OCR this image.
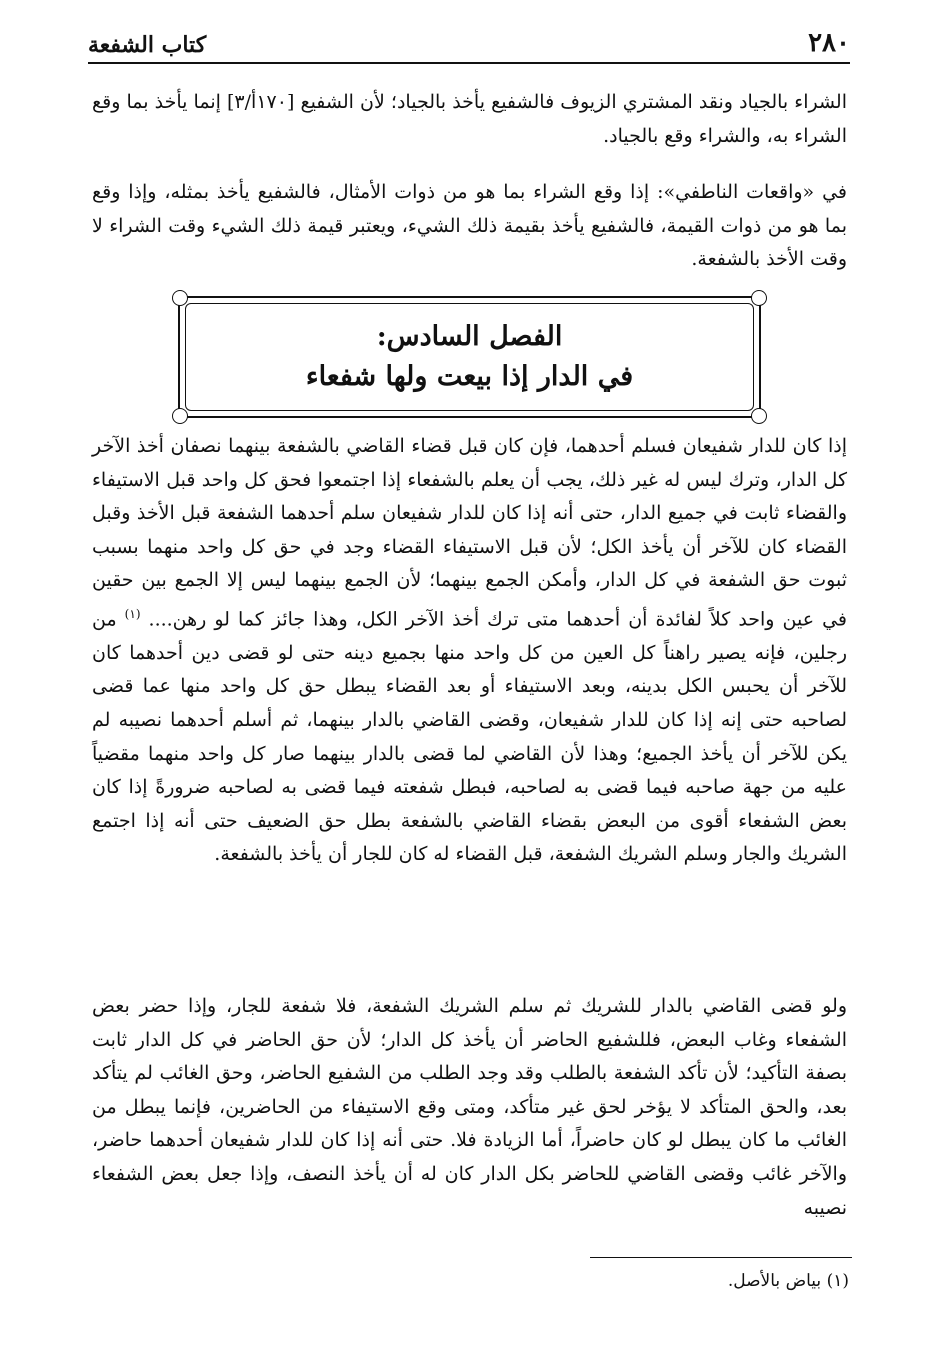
٢٨٠
كتاب الشفعة

الشراء بالجياد ونقد المشتري الزيوف فالشفيع يأخذ بالجياد؛ لأن الشفيع [١٧٠أ/٣] إنما يأخذ بما وقع الشراء به، والشراء وقع بالجياد.

في «واقعات الناطفي»: إذا وقع الشراء بما هو من ذوات الأمثال، فالشفيع يأخذ بمثله، وإذا وقع بما هو من ذوات القيمة، فالشفيع يأخذ بقيمة ذلك الشيء، ويعتبر قيمة ذلك الشيء وقت الشراء لا وقت الأخذ بالشفعة.

الفصل السادس:
في الدار إذا بيعت ولها شفعاء

إذا كان للدار شفيعان فسلم أحدهما، فإن كان قبل قضاء القاضي بالشفعة بينهما نصفان أخذ الآخر كل الدار، وترك ليس له غير ذلك، يجب أن يعلم بالشفعاء إذا اجتمعوا فحق كل واحد قبل الاستيفاء والقضاء ثابت في جميع الدار، حتى أنه إذا كان للدار شفيعان سلم أحدهما الشفعة قبل الأخذ وقبل القضاء كان للآخر أن يأخذ الكل؛ لأن قبل الاستيفاء القضاء وجد في حق كل واحد منهما بسبب ثبوت حق الشفعة في كل الدار، وأمكن الجمع بينهما؛ لأن الجمع بينهما ليس إلا الجمع بين حقين في عين واحد كلاً لفائدة أن أحدهما متى ترك أخذ الآخر الكل، وهذا جائز كما لو رهن.... $^{(١)}$ من رجلين، فإنه يصير راهناً كل العين من كل واحد منها بجميع دينه حتى لو قضى دين أحدهما كان للآخر أن يحبس الكل بدينه، وبعد الاستيفاء أو بعد القضاء يبطل حق كل واحد منها عما قضى لصاحبه حتى إنه إذا كان للدار شفيعان، وقضى القاضي بالدار بينهما، ثم أسلم أحدهما نصيبه لم يكن للآخر أن يأخذ الجميع؛ وهذا لأن القاضي لما قضى بالدار بينهما صار كل واحد منهما مقضياً عليه من جهة صاحبه فيما قضى به لصاحبه، فبطل شفعته فيما قضى به لصاحبه ضرورةً إذا كان بعض الشفعاء أقوى من البعض بقضاء القاضي بالشفعة بطل حق الضعيف حتى أنه إذا اجتمع الشريك والجار وسلم الشريك الشفعة، قبل القضاء له كان للجار أن يأخذ بالشفعة.

ولو قضى القاضي بالدار للشريك ثم سلم الشريك الشفعة، فلا شفعة للجار، وإذا حضر بعض الشفعاء وغاب البعض، فللشفيع الحاضر أن يأخذ كل الدار؛ لأن حق الحاضر في كل الدار ثابت بصفة التأكيد؛ لأن تأكد الشفعة بالطلب وقد وجد الطلب من الشفيع الحاضر، وحق الغائب لم يتأكد بعد، والحق المتأكد لا يؤخر لحق غير متأكد، ومتى وقع الاستيفاء من الحاضرين، فإنما يبطل من الغائب ما كان يبطل لو كان حاضراً، أما الزيادة فلا. حتى أنه إذا كان للدار شفيعان أحدهما حاضر، والآخر غائب وقضى القاضي للحاضر بكل الدار كان له أن يأخذ النصف، وإذا جعل بعض الشفعاء نصيبه

(١) بياض بالأصل.
